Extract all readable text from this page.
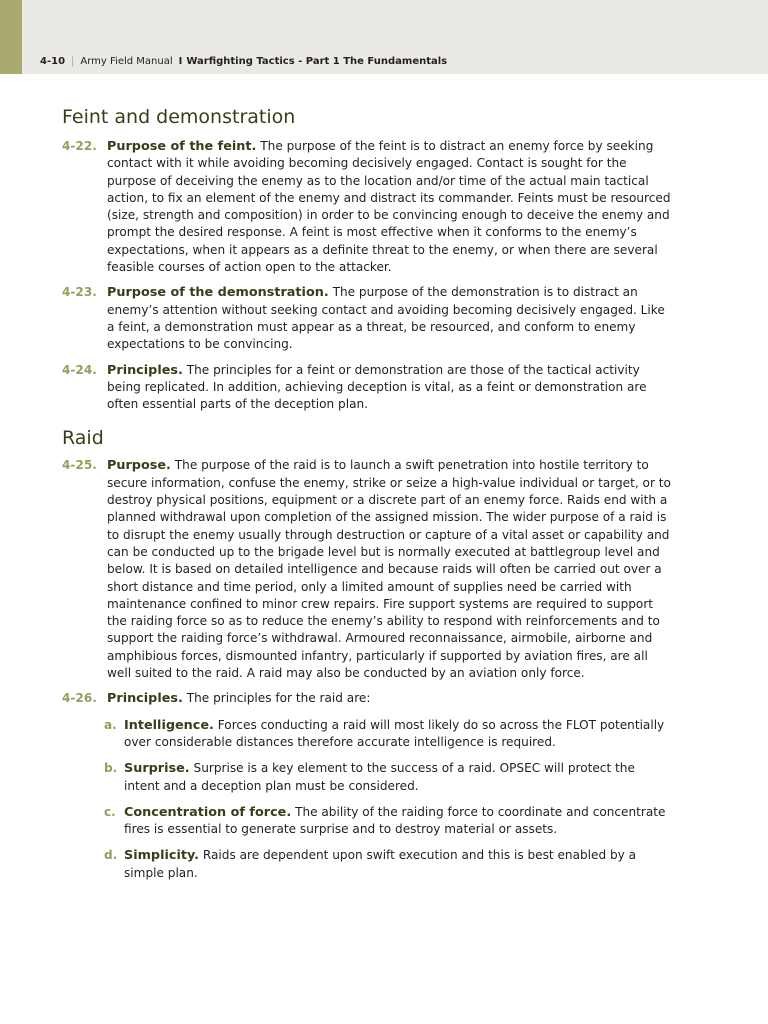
4-10 | Army Field Manual I Warfighting Tactics - Part 1 The Fundamentals
Feint and demonstration
4-22. Purpose of the feint. The purpose of the feint is to distract an enemy force by seeking contact with it while avoiding becoming decisively engaged. Contact is sought for the purpose of deceiving the enemy as to the location and/or time of the actual main tactical action, to fix an element of the enemy and distract its commander. Feints must be resourced (size, strength and composition) in order to be convincing enough to deceive the enemy and prompt the desired response. A feint is most effective when it conforms to the enemy’s expectations, when it appears as a definite threat to the enemy, or when there are several feasible courses of action open to the attacker.
4-23. Purpose of the demonstration. The purpose of the demonstration is to distract an enemy’s attention without seeking contact and avoiding becoming decisively engaged. Like a feint, a demonstration must appear as a threat, be resourced, and conform to enemy expectations to be convincing.
4-24. Principles. The principles for a feint or demonstration are those of the tactical activity being replicated. In addition, achieving deception is vital, as a feint or demonstration are often essential parts of the deception plan.
Raid
4-25. Purpose. The purpose of the raid is to launch a swift penetration into hostile territory to secure information, confuse the enemy, strike or seize a high-value individual or target, or to destroy physical positions, equipment or a discrete part of an enemy force. Raids end with a planned withdrawal upon completion of the assigned mission. The wider purpose of a raid is to disrupt the enemy usually through destruction or capture of a vital asset or capability and can be conducted up to the brigade level but is normally executed at battlegroup level and below. It is based on detailed intelligence and because raids will often be carried out over a short distance and time period, only a limited amount of supplies need be carried with maintenance confined to minor crew repairs. Fire support systems are required to support the raiding force so as to reduce the enemy’s ability to respond with reinforcements and to support the raiding force’s withdrawal. Armoured reconnaissance, airmobile, airborne and amphibious forces, dismounted infantry, particularly if supported by aviation fires, are all well suited to the raid. A raid may also be conducted by an aviation only force.
4-26. Principles. The principles for the raid are:
a. Intelligence. Forces conducting a raid will most likely do so across the FLOT potentially over considerable distances therefore accurate intelligence is required.
b. Surprise. Surprise is a key element to the success of a raid. OPSEC will protect the intent and a deception plan must be considered.
c. Concentration of force. The ability of the raiding force to coordinate and concentrate fires is essential to generate surprise and to destroy material or assets.
d. Simplicity. Raids are dependent upon swift execution and this is best enabled by a simple plan.
